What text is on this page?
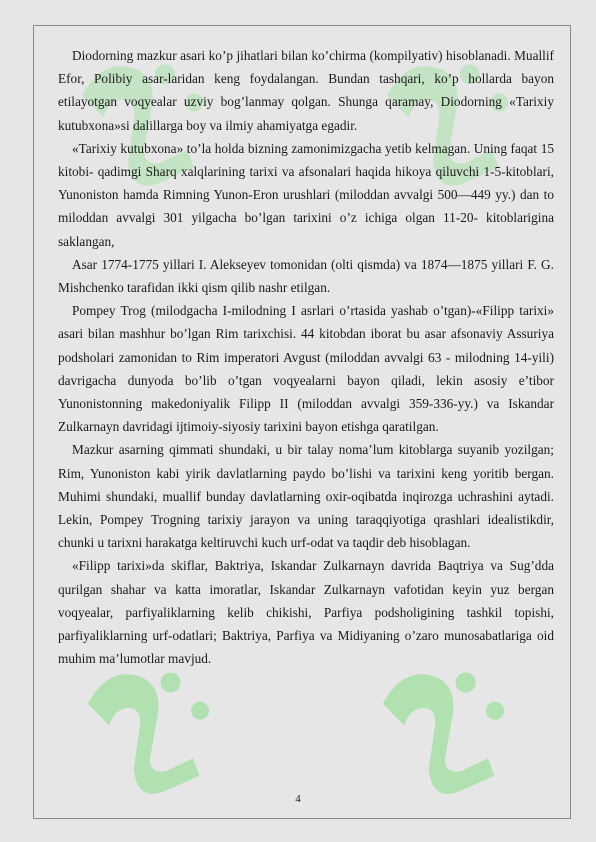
Diodorning mazkur asari ko’p jihatlari bilan ko’chirma (kompilyativ) hisoblanadi. Muallif Efor, Polibiy asar-laridan keng foydalangan. Bundan tashqari, ko’p hollarda bayon etilayotgan voqyealar uzviy bog’lanmay qolgan. Shunga qaramay, Diodorning «Tarixiy kutubxona»si dalillarga boy va ilmiy ahamiyatga egadir.

«Tarixiy kutubxona» to’la holda bizning zamonimizgacha yetib kelmagan. Uning faqat 15 kitobi- qadimgi Sharq xalqlarining tarixi va afsonalari haqida hikoya qiluvchi 1-5-kitoblari, Yunoniston hamda Rimning Yunon-Eron urushlari (miloddan avvalgi 500—449 yy.) dan to miloddan avvalgi 301 yilgacha bo’lgan tarixini o’z ichiga olgan 11-20- kitoblarigina saklangan,

Asar 1774-1775 yillari I. Alekseyev tomonidan (olti qismda) va 1874—1875 yillari F. G. Mishchenko tarafidan ikki qism qilib nashr etilgan.

Pompey Trog (milodgacha I-milodning I asrlari o’rtasida yashab o’tgan)-«Filipp tarixi» asari bilan mashhur bo’lgan Rim tarixchisi. 44 kitobdan iborat bu asar afsonaviy Assuriya podsholari zamonidan to Rim imperatori Avgust (miloddan avvalgi 63 - milodning 14-yili) davrigacha dunyoda bo’lib o’tgan voqyealarni bayon qiladi, lekin asosiy e’tibor Yunonistonning makedoniyalik Filipp II (miloddan avvalgi 359-336-yy.) va Iskandar Zulkarnayn davridagi ijtimoiy-siyosiy tarixini bayon etishga qaratilgan.

Mazkur asarning qimmati shundaki, u bir talay noma’lum kitoblarga suyanib yozilgan; Rim, Yunoniston kabi yirik davlatlarning paydo bo’lishi va tarixini keng yoritib bergan. Muhimi shundaki, muallif bunday davlatlarning oxir-oqibatda inqirozga uchrashini aytadi. Lekin, Pompey Trogning tarixiy jarayon va uning taraqqiyotiga qrashlari idealistikdir, chunki u tarixni harakatga keltiruvchi kuch urf-odat va taqdir deb hisoblagan.

«Filipp tarixi»da skiflar, Baktriya, Iskandar Zulkarnayn davrida Baqtriya va Sug’dda qurilgan shahar va katta imoratlar, Iskandar Zulkarnayn vafotidan keyin yuz bergan voqyealar, parfiyaliklarning kelib chikishi, Parfiya podsholigining tashkil topishi, parfiyaliklarning urf-odatlari; Baktriya, Parfiya va Midiyaning o’zaro munosabatlariga oid muhim ma’lumotlar mavjud.

4
